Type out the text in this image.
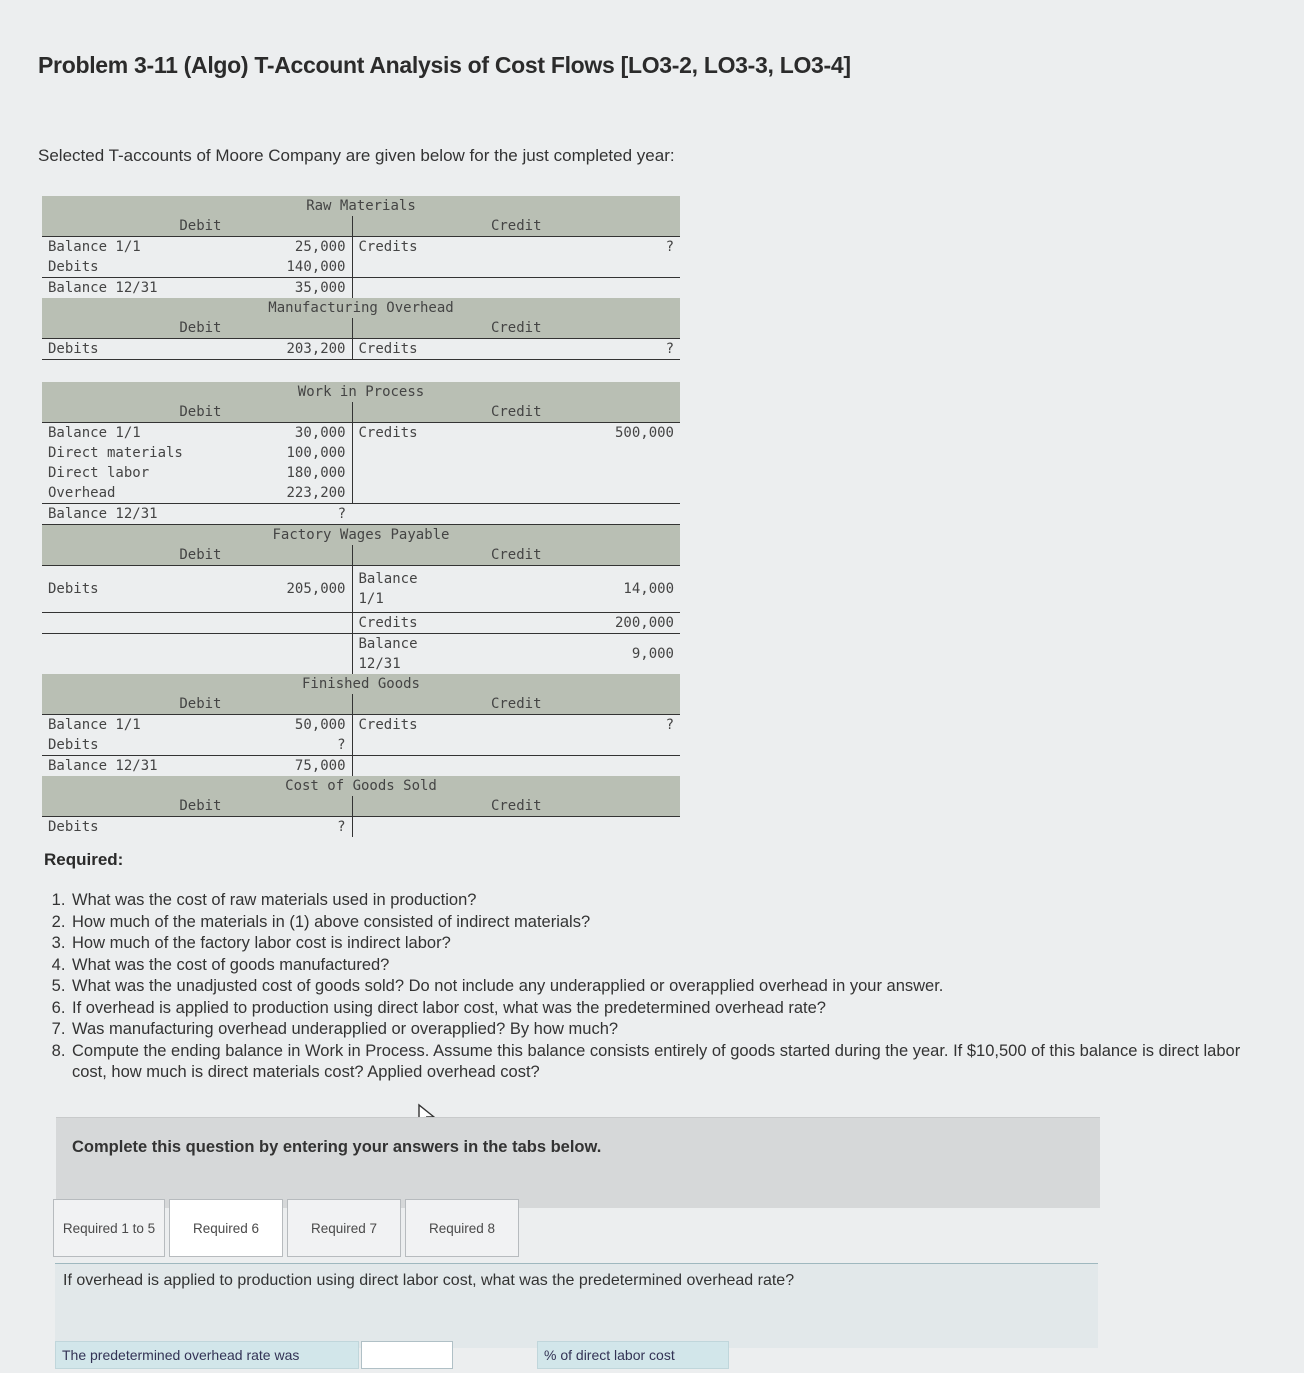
Problem 3-11 (Algo) T-Account Analysis of Cost Flows [LO3-2, LO3-3, LO3-4]
Selected T-accounts of Moore Company are given below for the just completed year:
Raw Materials			
Debit		Credit	
Balance 1/1	25,000	Credits	?
Debits	140,000		
Balance 12/31	35,000		
Manufacturing Overhead			
Debit		Credit	
Debits	203,200	Credits	?

Work in Process			
Debit		Credit	
Balance 1/1	30,000	Credits	500,000
Direct materials	100,000		
Direct labor	180,000		
Overhead	223,200		
Balance 12/31	?		
Factory Wages Payable			
Debit		Credit	
Debits	205,000	Balance 1/1	14,000
		Credits	200,000
		Balance 12/31	9,000
Finished Goods			
Debit		Credit	
Balance 1/1	50,000	Credits	?
Debits	?		
Balance 12/31	75,000		
Cost of Goods Sold			
Debit		Credit	
Debits	?		
Required:
1. What was the cost of raw materials used in production?
2. How much of the materials in (1) above consisted of indirect materials?
3. How much of the factory labor cost is indirect labor?
4. What was the cost of goods manufactured?
5. What was the unadjusted cost of goods sold? Do not include any underapplied or overapplied overhead in your answer.
6. If overhead is applied to production using direct labor cost, what was the predetermined overhead rate?
7. Was manufacturing overhead underapplied or overapplied? By how much?
8. Compute the ending balance in Work in Process. Assume this balance consists entirely of goods started during the year. If $10,500 of this balance is direct labor cost, how much is direct materials cost? Applied overhead cost?
Complete this question by entering your answers in the tabs below.
Required 1 to 5	Required 6	Required 7	Required 8
If overhead is applied to production using direct labor cost, what was the predetermined overhead rate?
The predetermined overhead rate was	% of direct labor cost
